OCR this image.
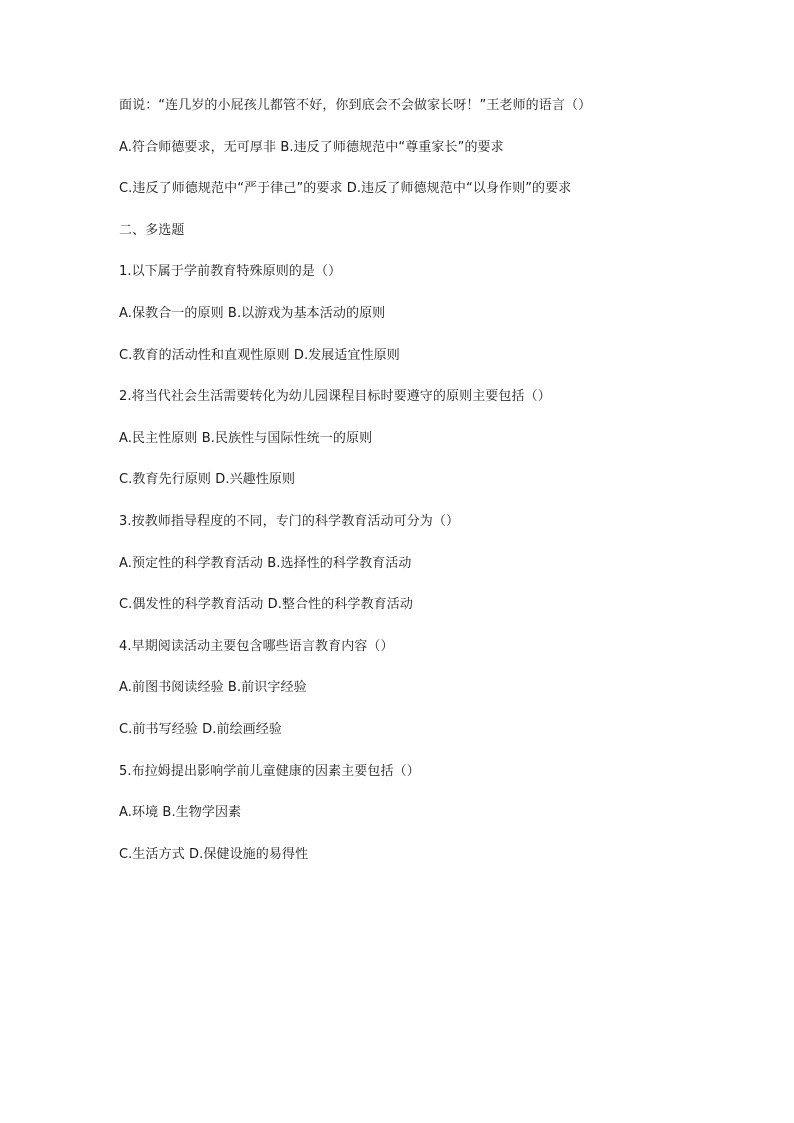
面说：“连几岁的小屁孩儿都管不好，你到底会不会做家长呀！”王老师的语言（）

A.符合师德要求，无可厚非 B.违反了师德规范中“尊重家长”的要求

C.违反了师德规范中“严于律己”的要求 D.违反了师德规范中“以身作则”的要求

二、多选题

1.以下属于学前教育特殊原则的是（）

A.保教合一的原则 B.以游戏为基本活动的原则

C.教育的活动性和直观性原则 D.发展适宜性原则

2.将当代社会生活需要转化为幼儿园课程目标时要遵守的原则主要包括（）

A.民主性原则 B.民族性与国际性统一的原则

C.教育先行原则 D.兴趣性原则

3.按教师指导程度的不同，专门的科学教育活动可分为（）

A.预定性的科学教育活动 B.选择性的科学教育活动

C.偶发性的科学教育活动 D.整合性的科学教育活动

4.早期阅读活动主要包含哪些语言教育内容（）

A.前图书阅读经验 B.前识字经验

C.前书写经验 D.前绘画经验

5.布拉姆提出影响学前儿童健康的因素主要包括（）

A.环境 B.生物学因素

C.生活方式 D.保健设施的易得性
